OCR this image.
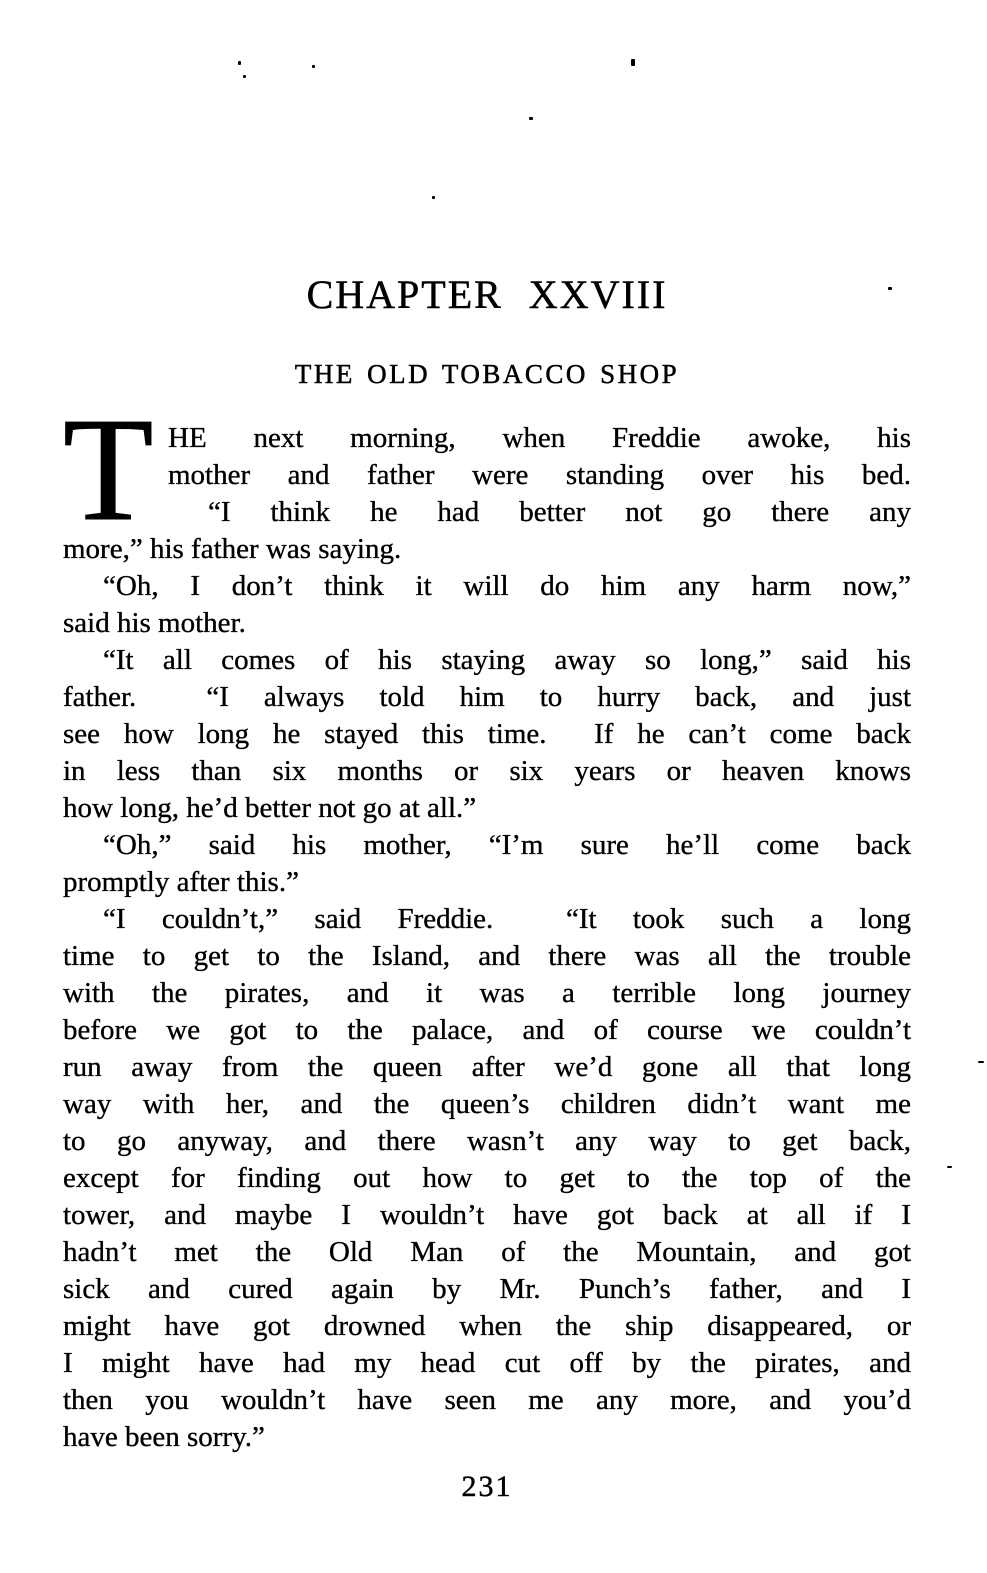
CHAPTER XXVIII
THE OLD TOBACCO SHOP
T HE next morning, when Freddie awoke, his
mother and father were standing over his bed.
“I think he had better not go there any
more,” his father was saying.
“Oh, I don’t think it will do him any harm now,”
said his mother.
“It all comes of his staying away so long,” said his
father.  “I always told him to hurry back, and just
see how long he stayed this time.  If he can’t come back
in less than six months or six years or heaven knows
how long, he’d better not go at all.”
“Oh,” said his mother, “I’m sure he’ll come back
promptly after this.”
“I couldn’t,” said Freddie.  “It took such a long
time to get to the Island, and there was all the trouble
with the pirates, and it was a terrible long journey
before we got to the palace, and of course we couldn’t
run away from the queen after we’d gone all that long
way with her, and the queen’s children didn’t want me
to go anyway, and there wasn’t any way to get back,
except for finding out how to get to the top of the
tower, and maybe I wouldn’t have got back at all if I
hadn’t met the Old Man of the Mountain, and got
sick and cured again by Mr. Punch’s father, and I
might have got drowned when the ship disappeared, or
I might have had my head cut off by the pirates, and
then you wouldn’t have seen me any more, and you’d
have been sorry.”
231
